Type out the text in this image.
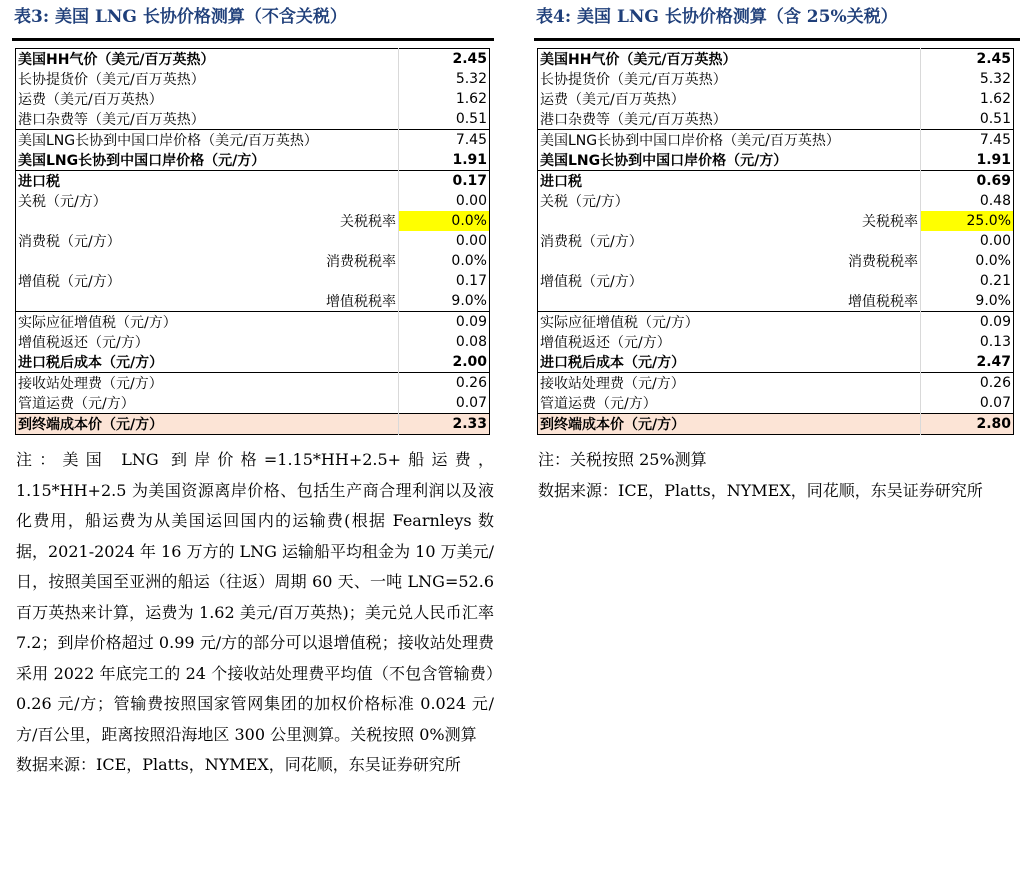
表3: 美国 LNG 长协价格测算（不含关税）
美国HH气价（美元/百万英热）	2.45
长协提货价（美元/百万英热）	5.32
运费（美元/百万英热）	1.62
港口杂费等（美元/百万英热）	0.51
美国LNG长协到中国口岸价格（美元/百万英热）	7.45
美国LNG长协到中国口岸价格（元/方）	1.91
进口税	0.17
关税（元/方）	0.00
关税税率	0.0%
消费税（元/方）	0.00
消费税税率	0.0%
增值税（元/方）	0.17
增值税税率	9.0%
实际应征增值税（元/方）	0.09
增值税返还（元/方）	0.08
进口税后成本（元/方）	2.00
接收站处理费（元/方）	0.26
管道运费（元/方）	0.07
到终端成本价（元/方）	2.33

注：美国 LNG 到岸价格=1.15*HH+2.5+船运费，1.15*HH+2.5 为美国资源离岸价格、包括生产商合理利润以及液化费用，船运费为从美国运回国内的运输费(根据 Fearnleys 数据，2021-2024 年 16 万方的 LNG 运输船平均租金为 10 万美元/日，按照美国至亚洲的船运（往返）周期 60 天、一吨 LNG=52.6 百万英热来计算，运费为 1.62 美元/百万英热)；美元兑人民币汇率 7.2；到岸价格超过 0.99 元/方的部分可以退增值税；接收站处理费采用 2022 年底完工的 24 个接收站处理费平均值（不包含管输费）0.26 元/方；管输费按照国家管网集团的加权价格标准 0.024 元/方/百公里，距离按照沿海地区 300 公里测算。关税按照 0%测算

数据来源：ICE，Platts，NYMEX，同花顺，东吴证券研究所

表4: 美国 LNG 长协价格测算（含 25%关税）
美国HH气价（美元/百万英热）	2.45
长协提货价（美元/百万英热）	5.32
运费（美元/百万英热）	1.62
港口杂费等（美元/百万英热）	0.51
美国LNG长协到中国口岸价格（美元/百万英热）	7.45
美国LNG长协到中国口岸价格（元/方）	1.91
进口税	0.69
关税（元/方）	0.48
关税税率	25.0%
消费税（元/方）	0.00
消费税税率	0.0%
增值税（元/方）	0.21
增值税税率	9.0%
实际应征增值税（元/方）	0.09
增值税返还（元/方）	0.13
进口税后成本（元/方）	2.47
接收站处理费（元/方）	0.26
管道运费（元/方）	0.07
到终端成本价（元/方）	2.80

注：关税按照 25%测算

数据来源：ICE，Platts，NYMEX，同花顺，东吴证券研究所
